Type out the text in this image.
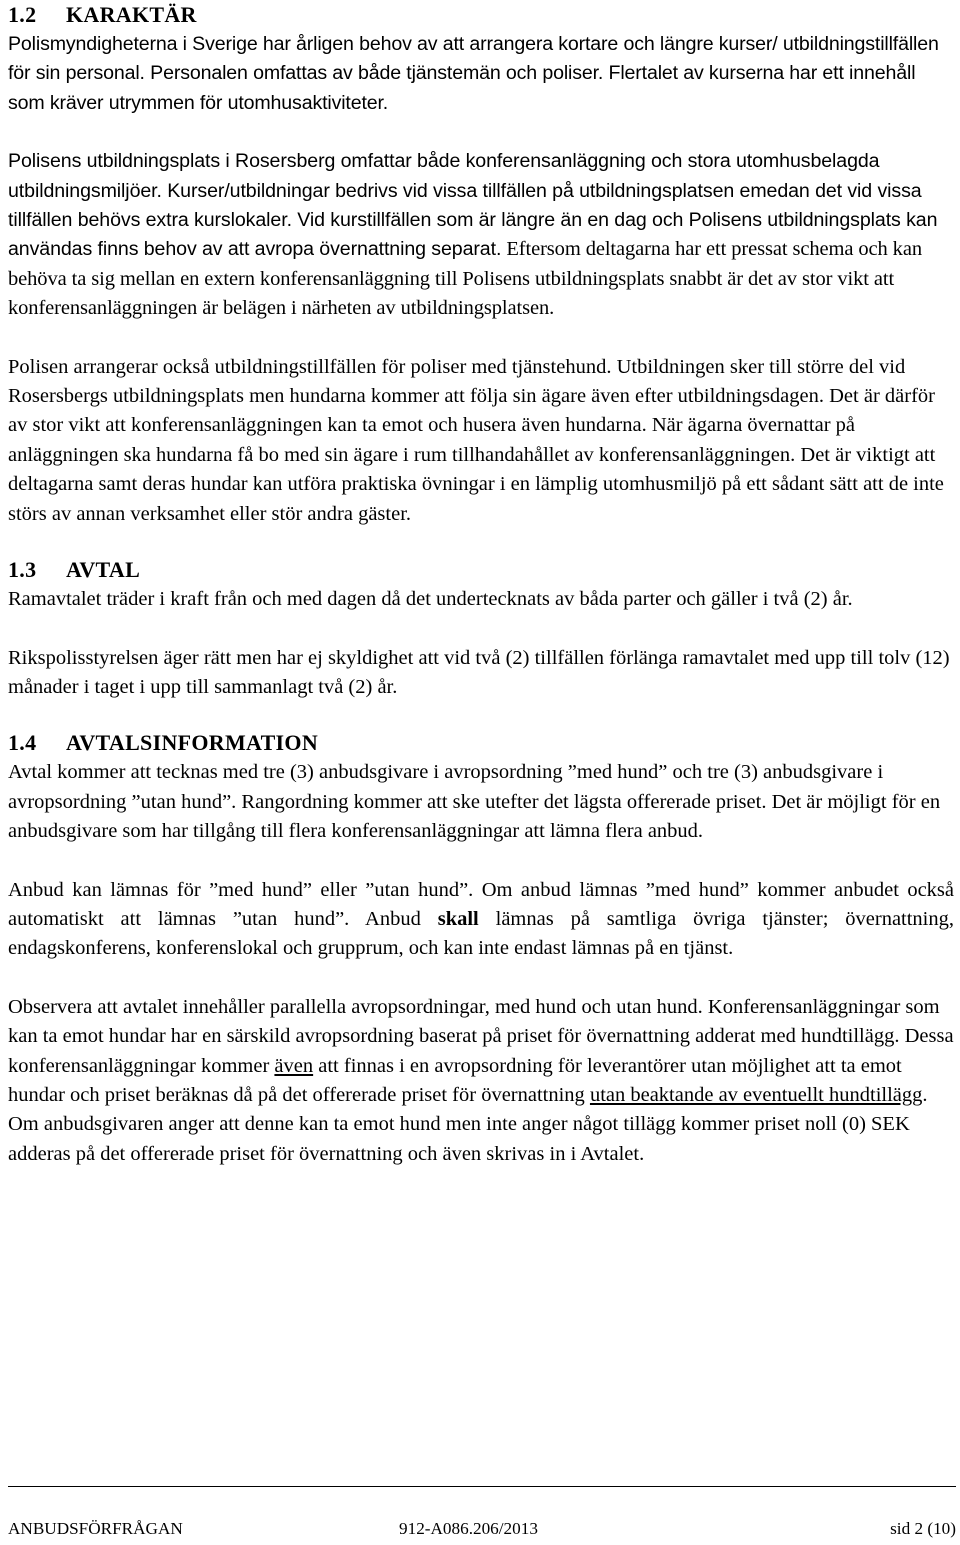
1.2 KARAKTÄR

Polismyndigheterna i Sverige har årligen behov av att arrangera kortare och längre kurser/ utbildningstillfällen för sin personal. Personalen omfattas av både tjänstemän och poliser. Flertalet av kurserna har ett innehåll som kräver utrymmen för utomhusaktiviteter.

Polisens utbildningsplats i Rosersberg omfattar både konferensanläggning och stora utomhusbelagda utbildningsmiljöer. Kurser/utbildningar bedrivs vid vissa tillfällen på utbildningsplatsen emedan det vid vissa tillfällen behövs extra kurslokaler. Vid kurstillfällen som är längre än en dag och Polisens utbildningsplats kan användas finns behov av att avropa övernattning separat. Eftersom deltagarna har ett pressat schema och kan behöva ta sig mellan en extern konferensanläggning till Polisens utbildningsplats snabbt är det av stor vikt att konferensanläggningen är belägen i närheten av utbildningsplatsen.

Polisen arrangerar också utbildningstillfällen för poliser med tjänstehund. Utbildningen sker till större del vid Rosersbergs utbildningsplats men hundarna kommer att följa sin ägare även efter utbildningsdagen. Det är därför av stor vikt att konferensanläggningen kan ta emot och husera även hundarna. När ägarna övernattar på anläggningen ska hundarna få bo med sin ägare i rum tillhandahållet av konferensanläggningen. Det är viktigt att deltagarna samt deras hundar kan utföra praktiska övningar i en lämplig utomhusmiljö på ett sådant sätt att de inte störs av annan verksamhet eller stör andra gäster.

1.3 AVTAL

Ramavtalet träder i kraft från och med dagen då det undertecknats av båda parter och gäller i två (2) år.

Rikspolisstyrelsen äger rätt men har ej skyldighet att vid två (2) tillfällen förlänga ramavtalet med upp till tolv (12) månader i taget i upp till sammanlagt två (2) år.

1.4 AVTALSINFORMATION

Avtal kommer att tecknas med tre (3) anbudsgivare i avropsordning ”med hund” och tre (3) anbudsgivare i avropsordning ”utan hund”. Rangordning kommer att ske utefter det lägsta offererade priset. Det är möjligt för en anbudsgivare som har tillgång till flera konferensanläggningar att lämna flera anbud.

Anbud kan lämnas för ”med hund” eller ”utan hund”. Om anbud lämnas ”med hund” kommer anbudet också automatiskt att lämnas ”utan hund”. Anbud skall lämnas på samtliga övriga tjänster; övernattning, endagskonferens, konferenslokal och grupprum, och kan inte endast lämnas på en tjänst.

Observera att avtalet innehåller parallella avropsordningar, med hund och utan hund. Konferensanläggningar som kan ta emot hundar har en särskild avropsordning baserat på priset för övernattning adderat med hundtillägg. Dessa konferensanläggningar kommer även att finnas i en avropsordning för leverantörer utan möjlighet att ta emot hundar och priset beräknas då på det offererade priset för övernattning utan beaktande av eventuellt hundtillägg. Om anbudsgivaren anger att denne kan ta emot hund men inte anger något tillägg kommer priset noll (0) SEK adderas på det offererade priset för övernattning och även skrivas in i Avtalet.

ANBUDSFÖRFRÅGAN	912-A086.206/2013	sid 2 (10)
